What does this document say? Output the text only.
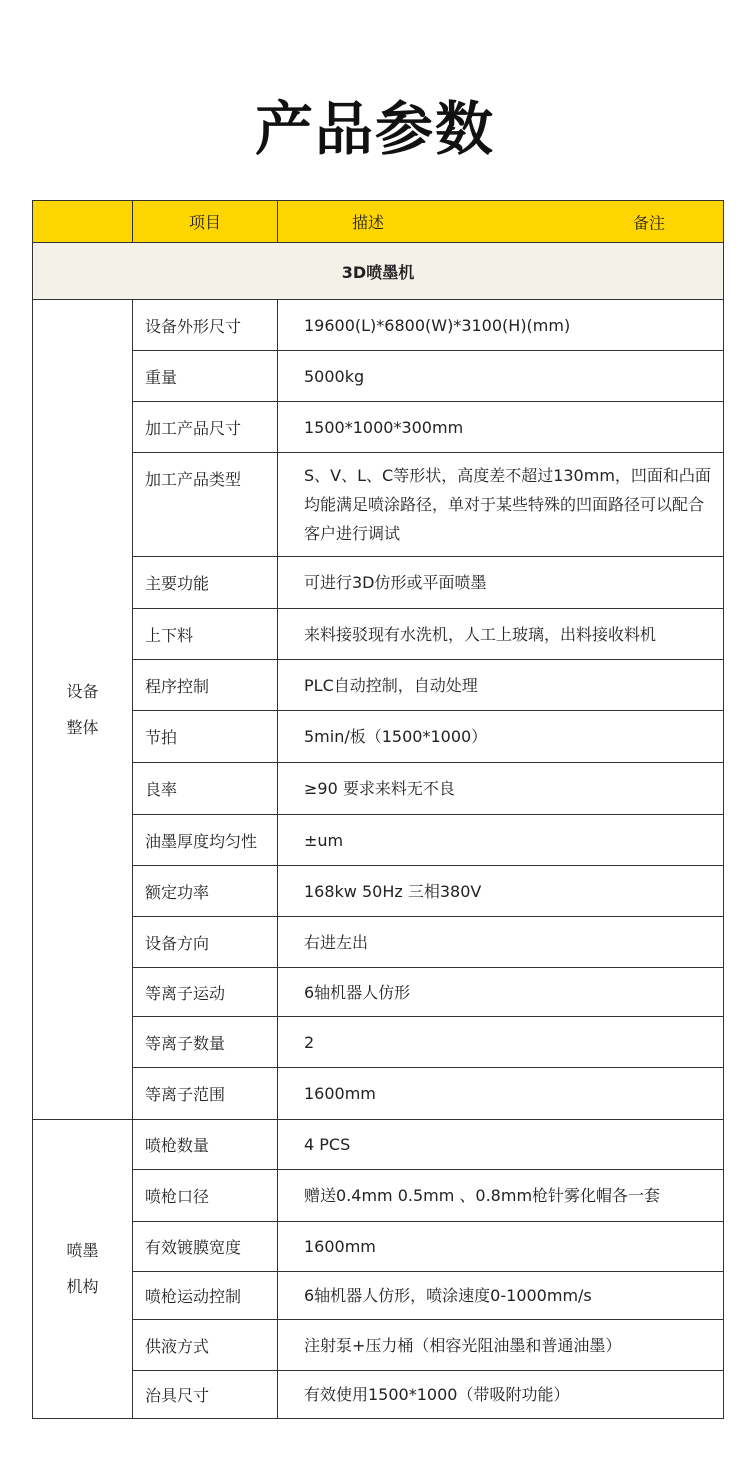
产品参数
	项目	描述 备注

3D喷墨机		

设备
整体	设备外形尺寸	19600(L)*6800(W)*3100(H)(mm)
	重量	5000kg
	加工产品尺寸	1500*1000*300mm
	加工产品类型	S、V、L、C等形状，高度差不超过130mm，凹面和凸面均能满足喷涂路径，单对于某些特殊的凹面路径可以配合客户进行调试
	主要功能	可进行3D仿形或平面喷墨
	上下料	来料接驳现有水洗机，人工上玻璃，出料接收料机
	程序控制	PLC自动控制，自动处理
	节拍	5min/板（1500*1000）
	良率	≥90 要求来料无不良
	油墨厚度均匀性	±um
	额定功率	168kw 50Hz 三相380V
	设备方向	右进左出
	等离子运动	6轴机器人仿形
	等离子数量	2
	等离子范围	1600mm

喷墨
机构	喷枪数量	4 PCS
	喷枪口径	赠送0.4mm 0.5mm 、0.8mm枪针雾化帽各一套
	有效镀膜宽度	1600mm
	喷枪运动控制	6轴机器人仿形，喷涂速度0-1000mm/s
	供液方式	注射泵+压力桶（相容光阻油墨和普通油墨）
	治具尺寸	有效使用1500*1000（带吸附功能）
